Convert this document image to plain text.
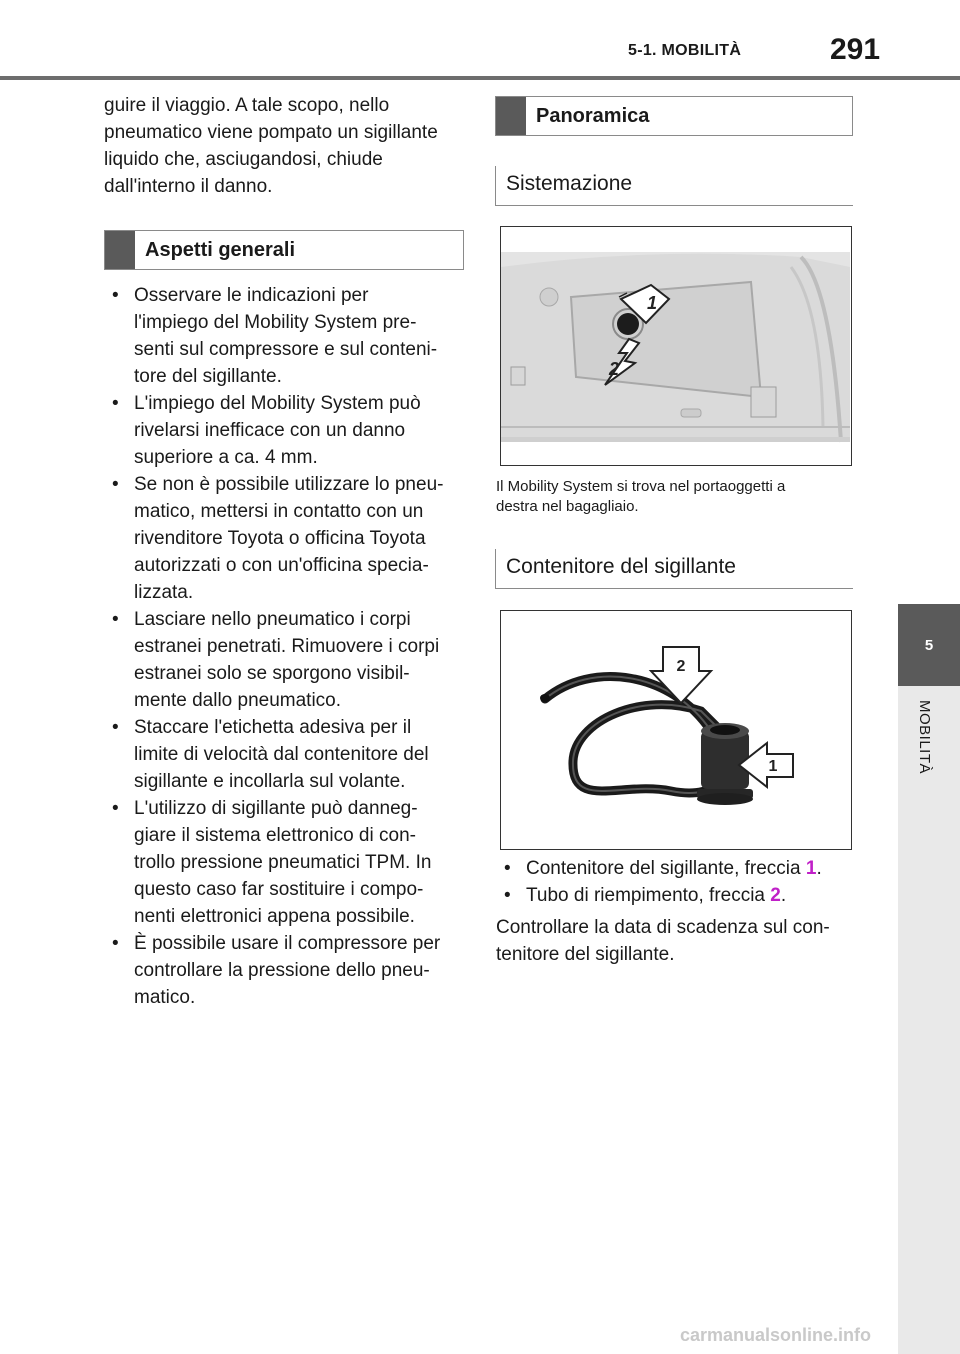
5-1. MOBILITÀ	291
5
MOBILITÀ
guire il viaggio. A tale scopo, nello
pneumatico viene pompato un sigillante
liquido che, asciugandosi, chiude
dall'interno il danno.
Aspetti generali
• Osservare le indicazioni per
l'impiego del Mobility System pre-
senti sul compressore e sul conteni-
tore del sigillante.
• L'impiego del Mobility System può
rivelarsi inefficace con un danno
superiore a ca. 4 mm.
• Se non è possibile utilizzare lo pneu-
matico, mettersi in contatto con un
rivenditore Toyota o officina Toyota
autorizzati o con un'officina specia-
lizzata.
• Lasciare nello pneumatico i corpi
estranei penetrati. Rimuovere i corpi
estranei solo se sporgono visibil-
mente dallo pneumatico.
• Staccare l'etichetta adesiva per il
limite di velocità dal contenitore del
sigillante e incollarla sul volante.
• L'utilizzo di sigillante può danneg-
giare il sistema elettronico di con-
trollo pressione pneumatici TPM. In
questo caso far sostituire i compo-
nenti elettronici appena possibile.
• È possibile usare il compressore per
controllare la pressione dello pneu-
matico.
Panoramica
Sistemazione
1
2
Il Mobility System si trova nel portaoggetti a
destra nel bagagliaio.
Contenitore del sigillante
2
1
• Contenitore del sigillante, freccia 1.
• Tubo di riempimento, freccia 2.
Controllare la data di scadenza sul con-
tenitore del sigillante.
carmanualsonline.info
